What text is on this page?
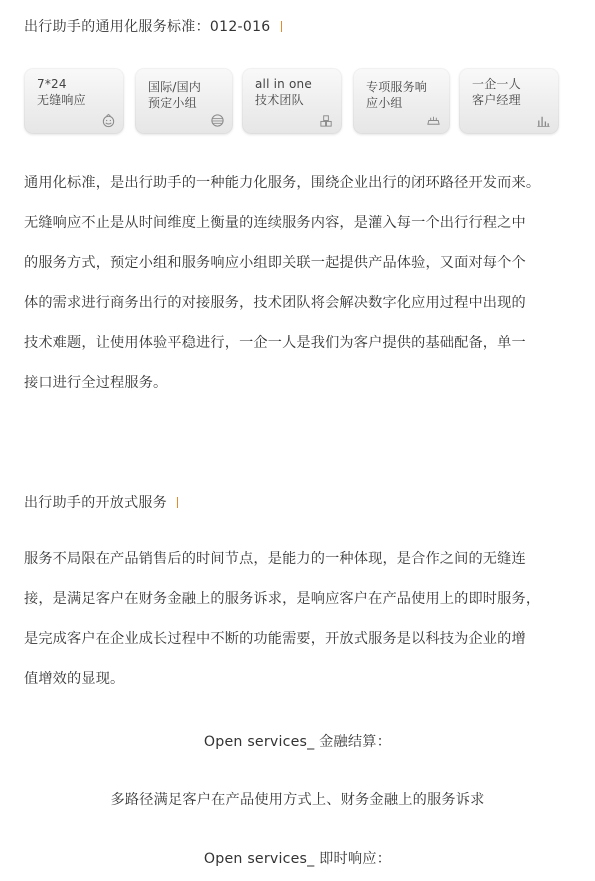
出行助手的通用化服务标准：012-016
7*24
无缝响应
国际/国内
预定小组
all in one
技术团队
专项服务响
应小组
一企一人
客户经理
通用化标准，是出行助手的一种能力化服务，围绕企业出行的闭环路径开发而来。
无缝响应不止是从时间维度上衡量的连续服务内容，是灌入每一个出行行程之中
的服务方式，预定小组和服务响应小组即关联一起提供产品体验，又面对每个个
体的需求进行商务出行的对接服务，技术团队将会解决数字化应用过程中出现的
技术难题，让使用体验平稳进行，一企一人是我们为客户提供的基础配备，单一
接口进行全过程服务。
出行助手的开放式服务
服务不局限在产品销售后的时间节点，是能力的一种体现，是合作之间的无缝连
接，是满足客户在财务金融上的服务诉求，是响应客户在产品使用上的即时服务，
是完成客户在企业成长过程中不断的功能需要，开放式服务是以科技为企业的增
值增效的显现。
Open services_ 金融结算：
多路径满足客户在产品使用方式上、财务金融上的服务诉求
Open services_ 即时响应：
